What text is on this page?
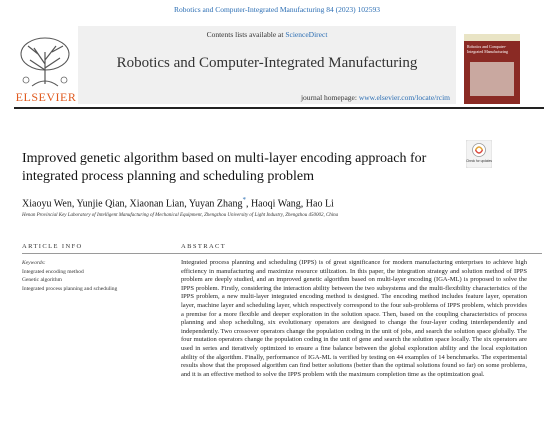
Robotics and Computer-Integrated Manufacturing 84 (2023) 102593
Contents lists available at ScienceDirect
Robotics and Computer-Integrated Manufacturing
journal homepage: www.elsevier.com/locate/rcim
ELSEVIER
Robotics and Computer-Integrated Manufacturing
Improved genetic algorithm based on multi-layer encoding approach for integrated process planning and scheduling problem
Check for updates
Xiaoyu Wen, Yunjie Qian, Xiaonan Lian, Yuyan Zhang*, Haoqi Wang, Hao Li
Henan Provincial Key Laboratory of Intelligent Manufacturing of Mechanical Equipment, Zhengzhou University of Light Industry, Zhengzhou 450002, China
ARTICLE INFO	ABSTRACT
Keywords:
Integrated encoding method
Genetic algorithm
Integrated process planning and scheduling
Integrated process planning and scheduling (IPPS) is of great significance for modern manufacturing enterprises to achieve high efficiency in manufacturing and maximize resource utilization. In this paper, the integration strategy and solution method of IPPS problem are deeply studied, and an improved genetic algorithm based on multi-layer encoding (IGA-ML) is proposed to solve the IPPS problem. Firstly, considering the interaction ability between the two subsystems and the multi-flexibility characteristics of the IPPS problem, a new multi-layer integrated encoding method is designed. The encoding method includes feature layer, operation layer, machine layer and scheduling layer, which respectively correspond to the four sub-problems of IPPS problem, which provides a premise for a more flexible and deeper exploration in the solution space. Then, based on the coupling characteristics of process planning and shop scheduling, six evolutionary operators are designed to change the four-layer coding interdependently and independently. Two crossover operators change the population coding in the unit of jobs, and search the solution space globally. The four mutation operators change the population coding in the unit of gene and search the solution space locally. The six operators are used in series and iteratively optimized to ensure a fine balance between the global exploration ability and the local exploitation ability of the algorithm. Finally, performance of IGA-ML is verified by testing on 44 examples of 14 benchmarks. The experimental results show that the proposed algorithm can find better solutions (better than the optimal solutions found so far) on some problems, and it is an effective method to solve the IPPS problem with the maximum completion time as the optimization goal.
